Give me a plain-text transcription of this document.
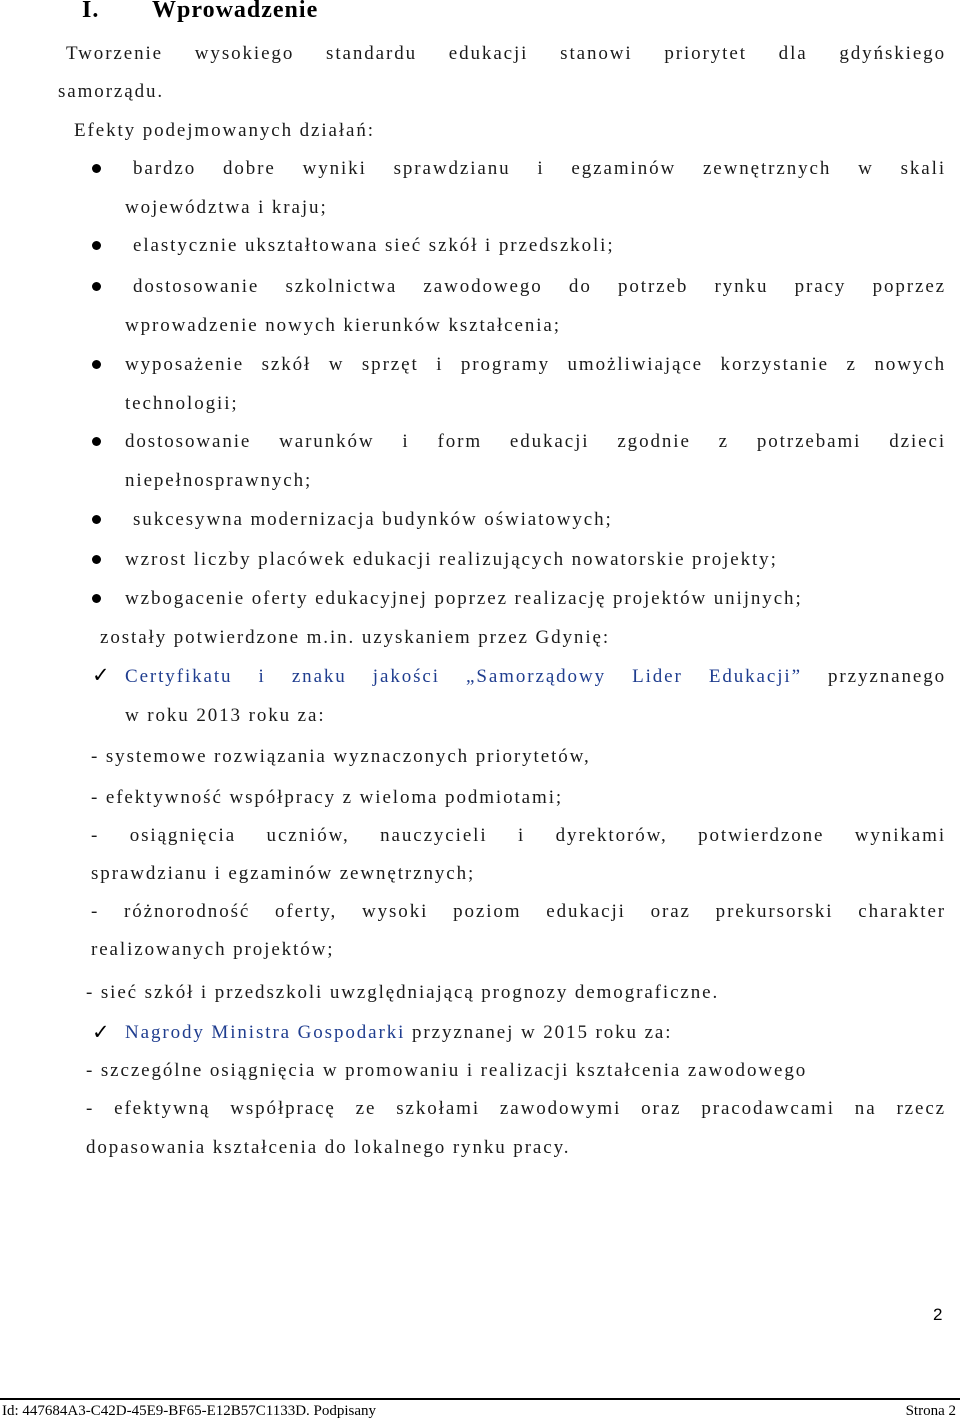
I. Wprowadzenie
Tworzenie wysokiego standardu edukacji stanowi priorytet dla gdyńskiego
samorządu.
Efekty podejmowanych działań:
bardzo dobre wyniki sprawdzianu i egzaminów zewnętrznych w skali
województwa i kraju;
elastycznie ukształtowana sieć szkół i przedszkoli;
dostosowanie szkolnictwa zawodowego do potrzeb rynku pracy poprzez
wprowadzenie nowych kierunków kształcenia;
wyposażenie szkół w sprzęt i programy umożliwiające korzystanie z nowych
technologii;
dostosowanie warunków i form edukacji zgodnie z potrzebami dzieci
niepełnosprawnych;
sukcesywna modernizacja budynków oświatowych;
wzrost liczby placówek edukacji realizujących nowatorskie projekty;
wzbogacenie oferty edukacyjnej poprzez realizację projektów unijnych;
zostały potwierdzone m.in. uzyskaniem przez Gdynię:
✓ Certyfikatu i znaku jakości „Samorządowy Lider Edukacji” przyznanego
w roku 2013 roku za:
- systemowe rozwiązania wyznaczonych priorytetów,
- efektywność współpracy z wieloma podmiotami;
- osiągnięcia uczniów, nauczycieli i dyrektorów, potwierdzone wynikami
sprawdzianu i egzaminów zewnętrznych;
- różnorodność oferty, wysoki poziom edukacji oraz prekursorski charakter
realizowanych projektów;
- sieć szkół i przedszkoli uwzględniającą prognozy demograficzne.
✓ Nagrody Ministra Gospodarki przyznanej w 2015 roku za:
- szczególne osiągnięcia w promowaniu i realizacji kształcenia zawodowego
- efektywną współpracę ze szkołami zawodowymi oraz pracodawcami na rzecz
dopasowania kształcenia do lokalnego rynku pracy.
2
Id: 447684A3-C42D-45E9-BF65-E12B57C1133D. Podpisany	Strona 2
